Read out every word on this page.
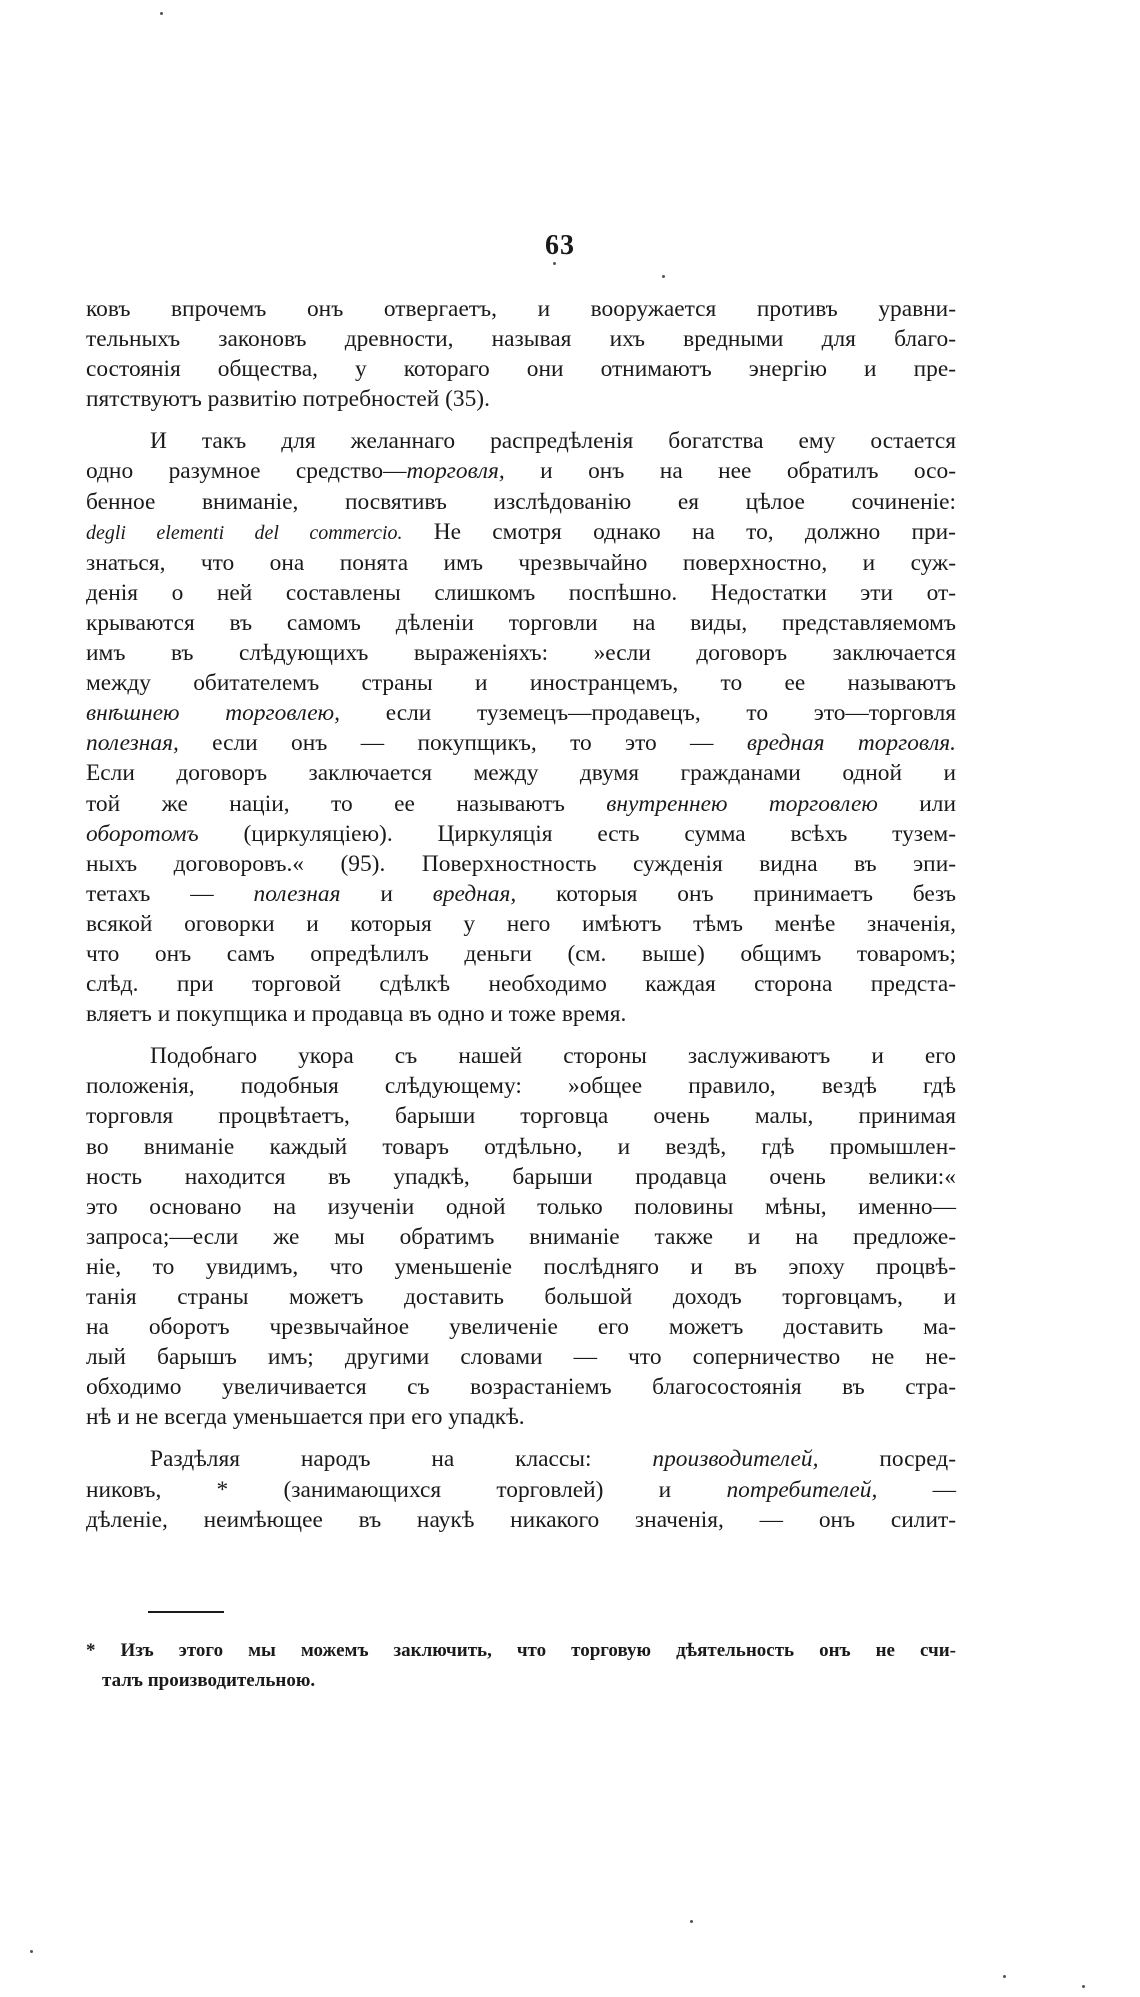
63
ковъ впрочемъ онъ отвергаетъ, и вооружается противъ уравни-
тельныхъ законовъ древности, называя ихъ вредными для благо-
состоянія общества, у котораго они отнимаютъ энергію и пре-
пятствуютъ развитію потребностей (35).
И такъ для желаннаго распредѣленія богатства ему остается
одно разумное средство—торговля, и онъ на нее обратилъ осо-
бенное вниманіе, посвятивъ изслѣдованію ея цѣлое сочиненіе:
degli elementi del commercio. Не смотря однако на то, должно при-
знаться, что она понята имъ чрезвычайно поверхностно, и суж-
денія о ней составлены слишкомъ поспѣшно. Недостатки эти от-
крываются въ самомъ дѣленіи торговли на виды, представляемомъ
имъ въ слѣдующихъ выраженіяхъ: »если договоръ заключается
между обитателемъ страны и иностранцемъ, то ее называютъ
внѣшнею торговлею, если туземецъ—продавецъ, то это—торговля
полезная, если онъ — покупщикъ, то это — вредная торговля.
Если договоръ заключается между двумя гражданами одной и
той же націи, то ее называютъ внутреннею торговлею или
оборотомъ (циркуляціею). Циркуляція есть сумма всѣхъ тузем-
ныхъ договоровъ.« (95). Поверхностность сужденія видна въ эпи-
тетахъ — полезная и вредная, которыя онъ принимаетъ безъ
всякой оговорки и которыя у него имѣютъ тѣмъ менѣе значенія,
что онъ самъ опредѣлилъ деньги (см. выше) общимъ товаромъ;
слѣд. при торговой сдѣлкѣ необходимо каждая сторона предста-
вляетъ и покупщика и продавца въ одно и тоже время.
Подобнаго укора съ нашей стороны заслуживаютъ и его
положенія, подобныя слѣдующему: »общее правило, вездѣ гдѣ
торговля процвѣтаетъ, барыши торговца очень малы, принимая
во вниманіе каждый товаръ отдѣльно, и вездѣ, гдѣ промышлен-
ность находится въ упадкѣ, барыши продавца очень велики:«
это основано на изученіи одной только половины мѣны, именно—
запроса;—если же мы обратимъ вниманіе также и на предложе-
ніе, то увидимъ, что уменьшеніе послѣдняго и въ эпоху процвѣ-
танія страны можетъ доставить большой доходъ торговцамъ, и
на оборотъ чрезвычайное увеличеніе его можетъ доставить ма-
лый барышъ имъ; другими словами — что соперничество не не-
обходимо увеличивается съ возрастаніемъ благосостоянія въ стра-
нѣ и не всегда уменьшается при его упадкѣ.
Раздѣляя народъ на классы: производителей, посред-
никовъ, * (занимающихся торговлей) и потребителей, —
дѣленіе, неимѣющее въ наукѣ никакого значенія, — онъ силит-
* Изъ этого мы можемъ заключить, что торговую дѣятельность онъ не счи-
талъ производительною.
